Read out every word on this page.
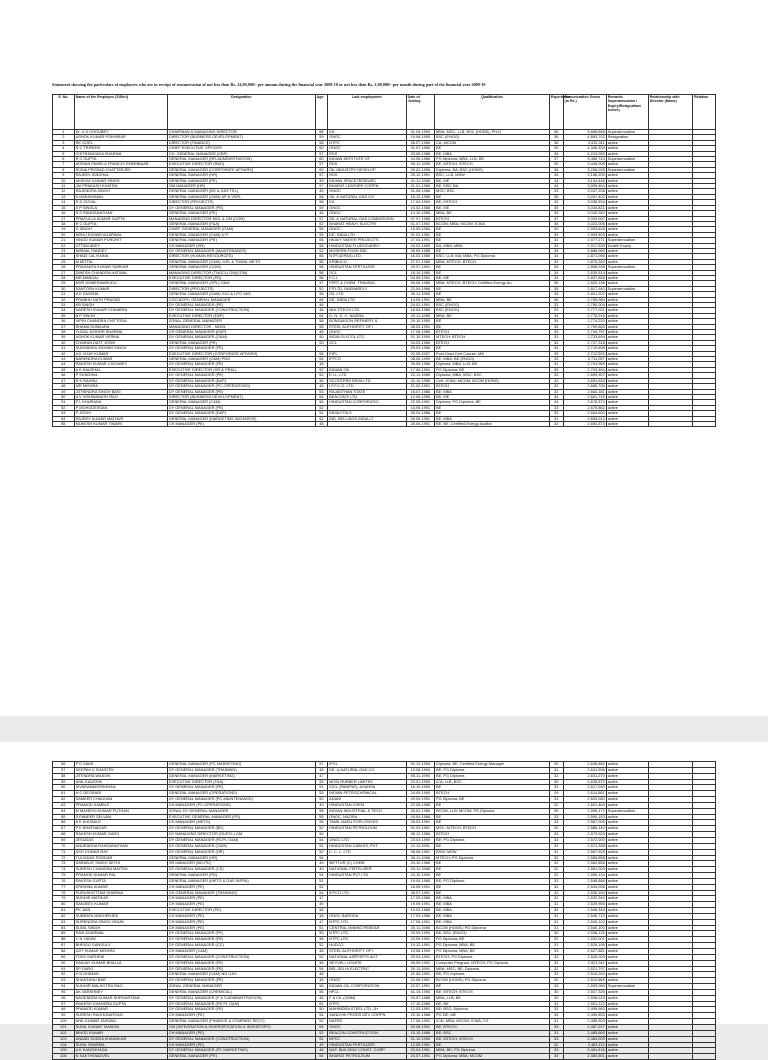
Statement showing the particulars of employees who are in receipt of remuneration of not less than Rs. 24,00,000/- per annum during the financial year 2009-10 or not less than Rs. 2,00,000/- per month during part of the financial year 2009-10
S. No.	Name of the Employee (S/Shri)	Designation	Age	Last employment	Date of Joining	Qualification	Experience	Remuneration Gross (in Rs.)	Remarks Superannuation / Expiry/Resignation/ Active)	Relationship with Director (Name)	Relation
1	Dr. U D CHOUBEY	CHAIRMAN & MANAGING DIRECTOR	58	IOL	01.04.1994	MBA, MSC, LLB, BSC (HONS), PH.D	36	5,868,688	Superannuation		
2	ASHOK KUMAR POKHRIAR	DIRECTOR (BUSINESS DEVELOPMENT)	59	ONGC	15.08.1995	BSC (ENGG)	36	4,683,702	Resignation		
3	RK GOEL	DIRECTOR (FINANCE)	58	NTPC	06.07.1989	CA, MCOM	36	4,415,311	active		
4	R C TRIPATHI	CHIEF EXECUTIVE OFFICER	60	ONGC	01.07.1985	BE	39	4,346,334	active		
5	CHITRANGADA SHARMA	CH. GENERAL MANAGER (CBP)	57	RDS	03.08.1988	BE, MBA	36	4,224,055	active		
6	R C GUPTA	GENERAL MANAGER (RR-ADMINISTRATION)	60	INDIAN INSTITUTE OF	24.06.1985	PG Diploma; MBA; LLB; BE	37	3,480,744	Superannuation		
7	ADRIAN PAMELA FRANCIS RHEINBAAR	EXECUTIVE DIRECTOR (R&D)	57	RDS	05.11.1985	BE, MTECH, BTECH	35	3,446,008	active		
8	ROMA PROSAD CHATTERJEE	GENERAL MANAGER (CORPORATE AFFAIRS)	60	OIL INDUSTRY DEVELOP	09.02.1996	Diploma; BA; BSC (HONS)	36	3,206,028	Superannuation		
9	RAJEEV SINGHAL	GENERAL MANAGER (HR)	57	RDS	25.12.1991	BSC, LLB, MSW	35	3,166,200	active		
10	AKSHAY KUMAR SINGH	GENERAL MANAGER (PE)	49	INDIAN SPACE RESEARC	01.11.1985	BE, ME	34	3,134,448	active		
11	JAI PRAKASH KHATRA	GM MANAGER (HR)	57	BHARAT LEATHER CORPN	01.01.1985	BE, MSC BA	34	3,095,464	active		
12	RAJENDRA SINGH	GENERAL MANAGER (BS & GAS TEL)	49	ONGC	01.06.1986	MSC; BSC	33	3,047,208	active		
13	K NARAYANAN	GENERAL MANAGER (O&M) AP & VSPL	58	OIL & NATURAL GAS CO	16.12.1985	BE	35	3,037,402	active		
14	R D GOYAL	DIRECTOR (PROJECTS)	58	EIL	17.04.1990	BE; MTECH	32	3,036,534	active		
15	S P SINGLA	DY GENERAL MANAGER (PE)	59	ONGC	24.02.1986	BE; ME	35	3,034,821	active		
16	S S RANGANATHAN	GENERAL MANAGER (PE)	46	ONGC	14.10.1985	MBA; BE	33	3,030,282	active		
17	PRAFULLA KUMAR GUPTA	MANAGING DIRECTOR-MGL & GM (CGM)	57	OIL & NATURAL GAS COMMISSION	07.07.1985	BTECH	37	3,029,057	active		
18	R C GUPTA	GENERAL MANAGER (F&A)	52	BHARAT HEAVY ELECTRI	01.07.1992	BCOM; MBA; MCOM; ICWA	36	3,023,006	active		
19	G SINGH	CHIEF GENERAL MANAGER (O&M)	55	ONGC	15.09.1984	BE	30	2,993,628	active		
20	NIRAJ KUMAR AGARWAL	GENERAL MANAGER (O&M) U.P.	55	DE. INDIA LTD.	01.02.1991	BE	35	2,993,593	active		
21	VINOD KUMAR PUROHIT	GENERAL MANAGER (PE)	54	HEAVY WATER PROJECTS	27.03.1991	BE	32	2,977,271	Superannuation		
22	UTTAM ADEY	CH MANAGER (HR)	58	HINDUSTAN FLUROCARBO	24.02.1989	BA; MBA; MBA	33	2,917,539	Death/ Expiry		
23	NIRMAL PANDEY	DY GENERAL MANAGER (MAINTENANCE)	52	MODERN FOOD IND.	30.09.1985	BE	34	2,888,960	active		
24	SHADI LAL RAINA	DIRECTOR (HUMAN RESOURCES)	56	NTPC(DPAS) LTD.	16.02.1985	BSC; LLB; MA; MBA; PG Diploma	34	2,871,056	active		
25	M MITTAL	GENERAL MANAGER (O&M) JLPL & TUMAL MKTG	56	KRIBHCO	27.07.1986	MBA; MTECH; BTECH	33	2,870,263	active		
26	PRASANTA KUMAR SARKAR	GENERAL MANAGER (CGM)	56	HINDUSTAN FERTILIZER	29.07.1991	BE	35	2,858,298	Superannuation		
27	DINESH CHANDRA HATWAL	MANAGING DIRECTOR (TNGCL) GM(CGM)	56	OCL	16.10.1985	BE	34	2,839,514	active		
28	MR MANDAL	EXECUTIVE DIRECTOR (PD)	56	F.C.I.	04.09.1991	BE; ME	34	2,837,858	active		
29	MVR SOMESWARUDU	GENERAL MANAGER (GPL) O&M	47	FERT & CHEM. TRAVANC	06.06.1986	MBA; MTECH; BTECH; Certified Energy Au	36	2,825,136	active		
30	SANTOSH KUMAR	DIRECTOR (PROJECTS)	52	FITLTD, RAEBARELY	22.04.1986	BE	35	2,817,940	Superannuation		
31	A K SAXENA	GENERAL MANAGER (O&M) GUJ & LPG VAG	56	OIL LTD	26.11.1985	BE	35	2,801,202	active		
32	PRABHU NATH PRASAD	COO-BCPL/ GENERAL MANAGER	56	DE. INDIA LTD	14.05.1991	MBA; BE	36	2,785,084	active		
33	KB SINGH	DY GENERAL MANAGER (PE)	46		24.02.1991	BSC (ENGG)	33	2,780,004	active		
34	NARESH KUMAR CHHABRA	DY GENERAL MANAGER (CONSTRUCTION)	46	MULTITECH LTD.	18.04.1986	BSC (ENGG)	25	2,777,021	active		
35	B P SINGH	EXECUTIVE DIRECTOR (E&P)	54	O. N. G. C. NAZIRA	20.11.1985	MBA; BE	34	2,776,216	active		
36	VIPIN CHANDRA CHITTODA	ZONAL GENERAL MANAGER	58	BONGAIGON REFINERY &	29.10.1990	BE	34	2,774,220	active		
37	SHAMA SUNDARA	MANAGING DIRECTOR - MNGL	55	STEEL AUTHORITY OF I	08.03.1991	BE	35	2,759,663	active		
38	YUGAL KISHOR SHARMA	CH GENERAL MANAGER (E&P)	48	ONGC	17.06.1986	BTECH	33	2,744,757	active		
39	ASHOK KUMAR VERMA	DY GENERAL MANAGER (O&M)	50	INDIA GLYCOL LTD.	01.10.1990	MTECH; BTECH	33	2,733,694	active		
40	CHARAN DATT JOSHI	GENERAL MANAGER (PE)	53	OCL	04.03.1986	BTECH	32	2,727,318	active		
41	SUDHANSU MOHAN SINGH	DY GENERAL MANAGER (PE)			25.03.1986	BE	34	2,719,698	active		
42	A K VIJAY KUMAR	EXECUTIVE DIRECTOR (CORPORATE AFFAIRS)	56	EIPL	22.05.2007	Post Grad-Cert Course; MA	39	2,712,502	active		
43	NARENDRA KUMAR	GENERAL MANAGER (O&M) PNG	54	IFFCO	08.06.1990	BE; MBA; BE (ENGG)	33	2,711,057	active		
44	RAKESH KUMAR CHOUBEY	DY GENERAL MANAGER (PE)	48		26.05.1986	Diploma; MBA; LLB; BE	31	2,703,968	active		
45	A K KAUSHAL	EXECUTIVE DIRECTOR (HR & PR&L)	52	INDIAN OIL	17.06.1991	PG Diploma; BE	35	2,703,484	active		
46	P SUNGHAL	DY GENERAL MANAGER (PE)	52	E.I.L. LTD	22.11.1985	Diploma; MBA; MSC; BSC	33	2,699,907	active		
47	R K RAGHU	DY GENERAL MANAGER (E&P)	48	SCOOTERS INDIA LTD.	01.10.1985	Cert. ICWA; MCOM; BCOM (HONS)	33	2,691,933	active		
48	MR MISHRA	DY GENERAL MANAGER (PC-OPERATIONS)	48	I.F.F.C.O. LTD.	21.02.1991	BTECH	33	2,685,706	active		
49	JITHENDRA SINGH BASI	DY GENERAL MANAGER (PE)	53	RAJASTHAN STATE	18.07.1986	BE; MBA	32	2,683,181	active		
50	A V VISHWANATH RAO	DIRECTOR (BUSINESS DEVELOPMENT)	54	BEACON'S LTD.	12.06.1985	BE; ME	34	2,681,749	active		
51	P L KHURANA	GENERAL MANAGER (C&M)	56	HINDUSTAN CORPORATIO	22.05.1991	Diploma; PG Diploma; BE	34	2,678,372	active		
52	P MOHODESSAN	DY GENERAL MANAGER (PE)	52		14.05.1991	BE	33	2,675,862	active		
53	P JOSHI	DY GENERAL MANAGER (E&P)	51	INDIA FOILS	28.04.1986	BE	33	2,664,600	active		
54	RAJEEV KUMAR MATHUR	GENERAL MANAGER (MARKETING INCHARGE)	52	IND. BELLINGS INDIA LT	06.05.1991	BE; MBA	31	2,655,012	active		
55	MUKESH KUMAR TIWARI	CH MANAGER (PE)	48		28.06.1991	BE; BE; Certified Energy Auditor	33	2,653,374	active		
56	P D SAINI	GENERAL MANAGER (PC MARKETING)	57	IPCL	02.12.1994	Diploma; BE; Certified Energy Manager	30	2,646,660	active		
57	DEEPAK K SHASTRY	DY GENERAL MANAGER (TRAINING)	48	DE. & NATURAL GAS CO	10.08.1994	BE; PG Diploma	31	2,641,556	active		
58	JITENDRA WASON	GENERAL MANAGER (MARKETING)	47		05.11.1990	BE; PG Diploma	32	2,631,270	active		
59	ANIL KAUSHIK	EXECUTIVE DIRECTOR (F&A)	55	MODI RUBBER LIMITED	23.01.1995	ICA; LLB; BSC	35	2,628,570	active		
60	SIVARAMAKRISHNAN	DY GENERAL MANAGER (PE)	51	IOCL (PANIPAT), ASANSA	16.10.1990	BE	33	2,617,030	active		
61	H C DEORARI	GENERAL MANAGER (OPERATIONS)	53	INDIAN PETROCHEMICAL	24.09.1990	BTECH	29	2,614,661	active		
62	SAMEER CHAUHAN	DY GENERAL MANAGER (PC-MAINTENANCE)	50	ADANI	09.04.1991	PG Diploma; BE	33	2,603,080	active		
63	PRAMOD KAMBLE	CH MANAGER (PC-OPERATIONS)	49	HINDUSTAN CHEM	22.08.1986	BE	32	2,601,464	active		
64	M MAHESH KUMAR PUTHAN	ZONAL DY GENERAL MANAGER	58	INDIAN INDUSTRIAL & TECH	26.02.1986	BCOM; LLB; MCOM; PG Diploma	35	2,596,172	Superannuation		
65	S PANEER SELVAM	EXECUTIVE GENERAL MANAGER (PD)	55	ONGC, NAZIRA	04.04.1986	BE	33	2,590,153	active		
66	A K KHUSALE	CH MANAGER (MKTG)	55	TAMIL NADU EXPLOSIVES	25.03.1991	BE	33	2,587,005	active		
67	P K BHATNAGAR	DY GENERAL MANAGER (BD)	52	HINDUSTAN PETROLEUM	02.02.1991	MSC; MTECH; BTECH	32	2,586,140	active		
68	RAKESH KUMAR GARG	DY MANAGING DIRECTOR (GUPCL) GM	50		08.12.1986	BTECH	33	2,573,926	active		
69	JESUDAS	DY GENERAL MANAGER (RCPL O&M)	54	ONGC LTD	23.03.1990	BE; PG Diploma	33	2,572,000	active		
70	ANURADHA RANGANATHAN	DY GENERAL MANAGER (C&M)	51	HINDUSTAN CABLES, PVT	21.11.1991	BE	33	2,571,398	active		
71	ASIT KUMAR RAY	DY GENERAL MANAGER (HR)	52	C. C. L. LTD	08.06.1991	BSW; MSW	31	2,567,928	active		
72	TULSIDAS PODDAR	GENERAL MANAGER (HR)	54		28.11.1986	MTECH; PG Diploma	32	2,565,858	active		
73	SARABJIT SINGH SETHI	SR MANAGER (BD-PD)	49	METTUR (C) CHEM	24.10.1986	BE	32	2,562,858	active		
74	SURESH CHANDRA MAITRA	DY GENERAL MANAGER (CS)	49	NATIONAL FERTILISER	03.11.1988	BE	32	2,561,004	active		
75	PRAMOD KUMAR PAL	GENERAL MANAGER (PD)	54	HINDUSTAN PVT LTD	24.10.1990	BE	32	2,550,134	active		
76	RAKESH GUPTA	GENERAL MANAGER (MKTG & GAS INFRA)	51		19.04.1985	BE; PG Diploma	33	2,546,886	active		
77	KRISHNA KUMAR	CH MANAGER (PE)	52		18.05.1991	BE	32	2,544,006	active		
78	PURUSHOTTAM SHARMA	CH GENERAL MANAGER (TRAINING)	54	IFFCO LTD	28.07.1991	BE	33	2,536,150	active		
79	SUDHIR MATHUR	CH MANAGER (PE)	47		17.03.1986	BE; MBA	32	2,532,340	active		
80	SANJEEV KUMAR	CH MANAGER (PE)	49		19.09.1991	BE; MBA	31	2,529,955	active		
81	PK JAIN	EXECUTIVE DIRECTOR (PE)	56		10.03.1986	BE; MBA	35	2,546,344	active		
82	SUBRATA MUKHERJEE	CH MANAGER (PE)	48	ONGC BARODA	17.03.1986	BE; MBA	31	2,546,710	active		
83	SURENDRA SINGH YADAV	CH MANAGER (PE)	47	NTPC LTD	17.06.1991	BE; MBA	31	2,540,102	active		
84	SUNIL SINGH	CH MANAGER (PE)	51	CENTRAL MINING RESEAR	20.11.1986	BCOM (HONS); PG Diploma	31	2,540,100	active		
85	RAVI AGARWAL	DY GENERAL MANAGER (PE)	50	NTPC LTD.	20.09.1990	BE; BSC (ENGG)	30	2,536,125	active		
86	C N YADAV	DY GENERAL MANAGER (PE)	48	NTPC LTD.	23.09.1991	PG Diploma; BE	32	2,532,001	active		
87	BHRIGU GANGULY	DY GENERAL MANAGER (CC)	52	HUDCO	19.12.1991	PG Diploma; MBA; BE	31	2,529,195	active		
88	AJIT KUMAR MISHRA	CH MANAGER (C&M)	48	STEEL AUTHORITY OF I	24.08.1990	PG Diploma; MBA; BE	33	2,527,881	active		
89	TONY MATHEW	DY GENERAL MANAGER (CONSTRUCTION)	52	NATIONAL AIRPORTS AUT	20.03.1992	BTECH; PG Diploma	33	2,526,004	active		
90	SANJAY KUMAR BHALLA	DY GENERAL MANAGER (PE)	48	NEYVELI LIGNITE	06.09.1991	Computer Program; MTECH; PG Diploma	33	2,523,911	active		
91	SP GARG	DY GENERAL MANAGER (PE)	54	BEL DELHI ELECTRIC	20.11.1991	MBA; MSC; BE; Diploma	32	2,521,797	active		
92	H D DHIMAN	GENERAL MANAGER (C&M) NG GAS	48		21.06.1991	BE; PG Diploma	33	2,516,264	active		
93	SHANTANU BAR	DY GENERAL MANAGER (PE)	46	ONGC	22.06.1991	BCOM (HONS); PG Diploma	32	2,512,865	active		
94	SUDHIR MALHOTRA RAO	ZONAL GENERAL MANAGER	56	INDIAN OIL CORPORATION	22.07.1991	BE	33	2,509,069	Superannuation		
95	AK VARSHNEY	GENERAL MANAGER (CHEMICAL)	56	HFCL	01.10.1990	BE; MTECH; BTECH	30	2,507,326	active		
96	NAGENDRA KUMAR SHRIVASTAVA	DY GENERAL MANAGER (F & S ADMINISTRATION)	48	F & CIL (CMM)	03.07.1986	MBA; LLB; BE	30	2,506,013	active		
97	RAKESH CHANDRA GUPTA	DY GENERAL MANAGER (RS PL O&M)	51	NTPC	17.10.1986	BE; BE	31	2,501,122	active		
98	PRAMOD KUMAR	DY GENERAL MANAGER (PE)	50	MAHINDRA STEEL LTD, JH	12.03.1991	BE; BSC; Diploma	32	2,495,962	active		
99	SURESH RAGHUNATHAN	CH MANAGER (PE)	54	SANDVIK PRODS DEV CORPN	25.10.1986	PG DE; ME	34	2,490,653	active		
100	ANIL KUMAR JAISWAL	GENERAL MANAGER (FINANCE & COMPANY SECY)	52	NAFED	17.06.1992	ICAI; MBA; MCOM; ICWA; CS	31	2,489,503	active		
101	SUNIL KUMAR TANDON	GM (INTEGRATION & DIVERSIFICATION & INVENTORY)	54	ONGC	02.08.1991	BE; BTECH	33	2,487,227	active		
102	BINOD KUMAR	CH MANAGER (PE)	52	BEACON CONSTRUCTION	15.10.1986	BE; BSC	31	2,485,665	active		
103	ANAND SUDHA KHANUKAR	DY GENERAL MANAGER (CONSTRUCTION)	51	NPCC	01.10.1990	BE; MTECH; BTECH	33	2,484,009	active		
104	SUNIL SHARMA	CH MANAGER (PE)	49	HINDUSTAN FERTILIZER	12.05.1991	BE	32	2,483,119	active		
105	A K KANCHHADA	DY GENERAL MANAGER (PC MARKETING)	48	MAT. BUILDING CONST. CORP	20.04.1991	MBA; BE; PG Diploma	33	2,481,416	active		
106	N SAKTHIVADIVEL	GENERAL MANAGER (PE)	55	BHARAT PETROLEUM	24.07.1991	PG Diploma; MBA; MCOM	34	2,480,501	active		
